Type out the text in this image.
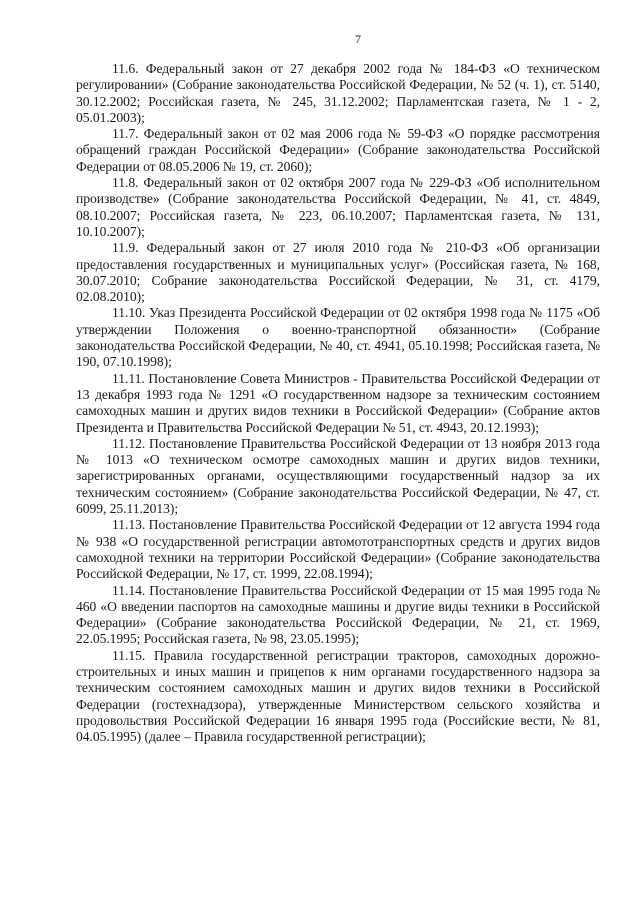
7

11.6. Федеральный закон от 27 декабря 2002 года № 184-ФЗ «О техническом регулировании» (Собрание законодательства Российской Федерации, № 52 (ч. 1), ст. 5140, 30.12.2002; Российская газета, № 245, 31.12.2002; Парламентская газета, № 1 - 2, 05.01.2003);

11.7. Федеральный закон от 02 мая 2006 года № 59-ФЗ «О порядке рассмотрения обращений граждан Российской Федерации» (Собрание законодательства Российской Федерации от 08.05.2006 № 19, ст. 2060);

11.8. Федеральный закон от 02 октября 2007 года № 229-ФЗ «Об исполнительном производстве» (Собрание законодательства Российской Федерации, № 41, ст. 4849, 08.10.2007; Российская газета, № 223, 06.10.2007; Парламентская газета, № 131, 10.10.2007);

11.9. Федеральный закон от 27 июля 2010 года № 210-ФЗ «Об организации предоставления государственных и муниципальных услуг» (Российская газета, № 168, 30.07.2010; Собрание законодательства Российской Федерации, № 31, ст. 4179, 02.08.2010);

11.10. Указ Президента Российской Федерации от 02 октября 1998 года № 1175 «Об утверждении Положения о военно-транспортной обязанности» (Собрание законодательства Российской Федерации, № 40, ст. 4941, 05.10.1998; Российская газета, № 190, 07.10.1998);

11.11. Постановление Совета Министров - Правительства Российской Федерации от 13 декабря 1993 года № 1291 «О государственном надзоре за техническим состоянием самоходных машин и других видов техники в Российской Федерации» (Собрание актов Президента и Правительства Российской Федерации № 51, ст. 4943, 20.12.1993);

11.12. Постановление Правительства Российской Федерации от 13 ноября 2013 года № 1013 «О техническом осмотре самоходных машин и других видов техники, зарегистрированных органами, осуществляющими государственный надзор за их техническим состоянием» (Собрание законодательства Российской Федерации, № 47, ст. 6099, 25.11.2013);

11.13. Постановление Правительства Российской Федерации от 12 августа 1994 года № 938 «О государственной регистрации автомототранспортных средств и других видов самоходной техники на территории Российской Федерации» (Собрание законодательства Российской Федерации, № 17, ст. 1999, 22.08.1994);

11.14. Постановление Правительства Российской Федерации от 15 мая 1995 года № 460 «О введении паспортов на самоходные машины и другие виды техники в Российской Федерации» (Собрание законодательства Российской Федерации, № 21, ст. 1969, 22.05.1995; Российская газета, № 98, 23.05.1995);

11.15. Правила государственной регистрации тракторов, самоходных дорожно-строительных и иных машин и прицепов к ним органами государственного надзора за техническим состоянием самоходных машин и других видов техники в Российской Федерации (гостехнадзора), утвержденные Министерством сельского хозяйства и продовольствия Российской Федерации 16 января 1995 года (Российские вести, № 81, 04.05.1995) (далее – Правила государственной регистрации);
